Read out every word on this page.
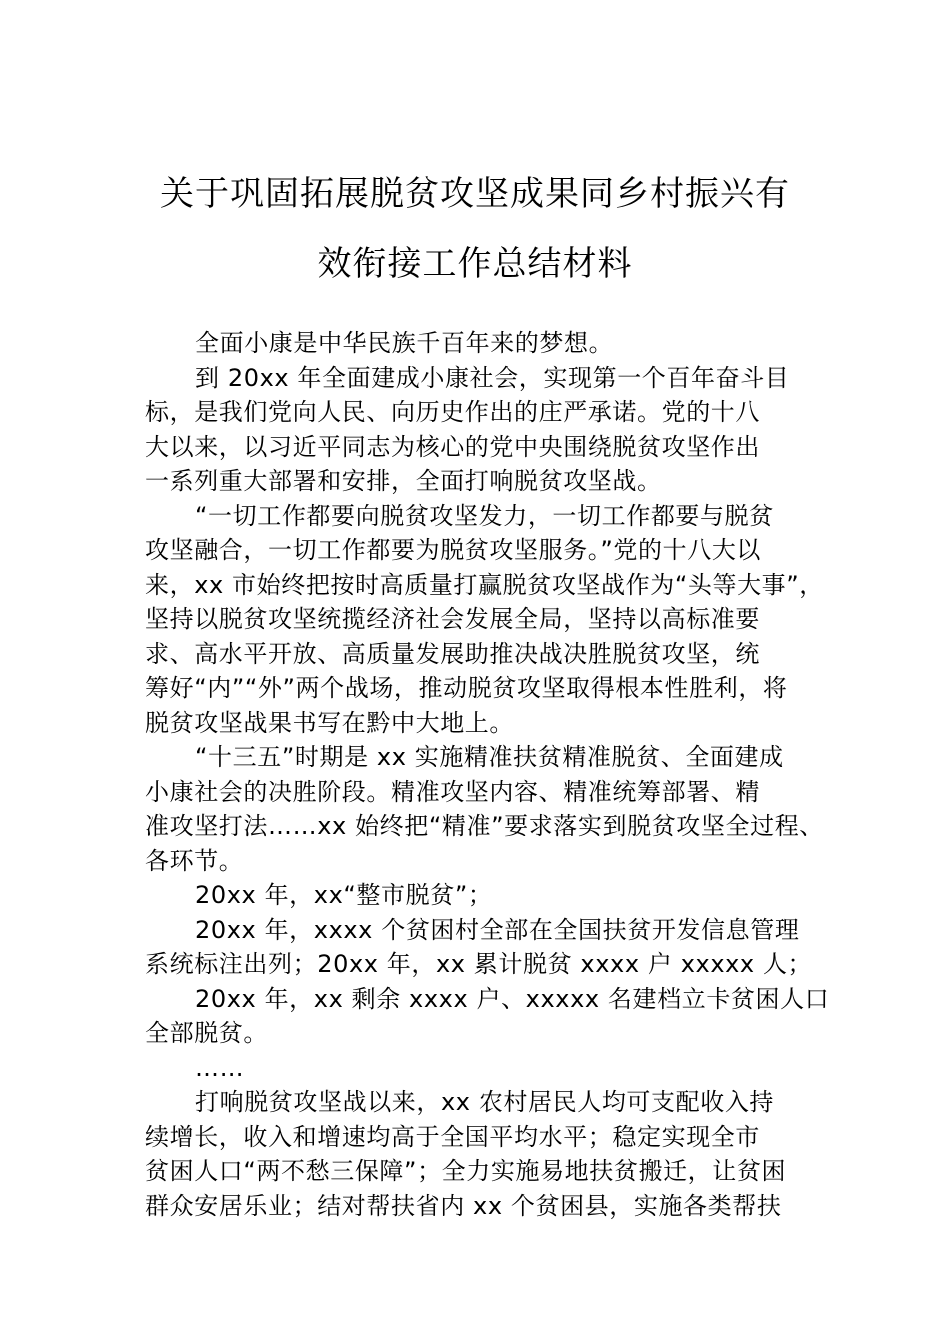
关于巩固拓展脱贫攻坚成果同乡村振兴有
效衔接工作总结材料
全面小康是中华民族千百年来的梦想。
到 20xx 年全面建成小康社会，实现第一个百年奋斗目
标，是我们党向人民、向历史作出的庄严承诺。党的十八
大以来，以习近平同志为核心的党中央围绕脱贫攻坚作出
一系列重大部署和安排，全面打响脱贫攻坚战。
“一切工作都要向脱贫攻坚发力，一切工作都要与脱贫
攻坚融合，一切工作都要为脱贫攻坚服务。”党的十八大以
来，xx 市始终把按时高质量打赢脱贫攻坚战作为“头等大事”，
坚持以脱贫攻坚统揽经济社会发展全局，坚持以高标准要
求、高水平开放、高质量发展助推决战决胜脱贫攻坚，统
筹好“内”“外”两个战场，推动脱贫攻坚取得根本性胜利，将
脱贫攻坚战果书写在黔中大地上。
“十三五”时期是 xx 实施精准扶贫精准脱贫、全面建成
小康社会的决胜阶段。精准攻坚内容、精准统筹部署、精
准攻坚打法……xx 始终把“精准”要求落实到脱贫攻坚全过程、
各环节。
20xx 年，xx“整市脱贫”；
20xx 年，xxxx 个贫困村全部在全国扶贫开发信息管理
系统标注出列；20xx 年，xx 累计脱贫 xxxx 户 xxxxx 人；
20xx 年，xx 剩余 xxxx 户、xxxxx 名建档立卡贫困人口
全部脱贫。
……
打响脱贫攻坚战以来，xx 农村居民人均可支配收入持
续增长，收入和增速均高于全国平均水平；稳定实现全市
贫困人口“两不愁三保障”；全力实施易地扶贫搬迁，让贫困
群众安居乐业；结对帮扶省内 xx 个贫困县，实施各类帮扶
